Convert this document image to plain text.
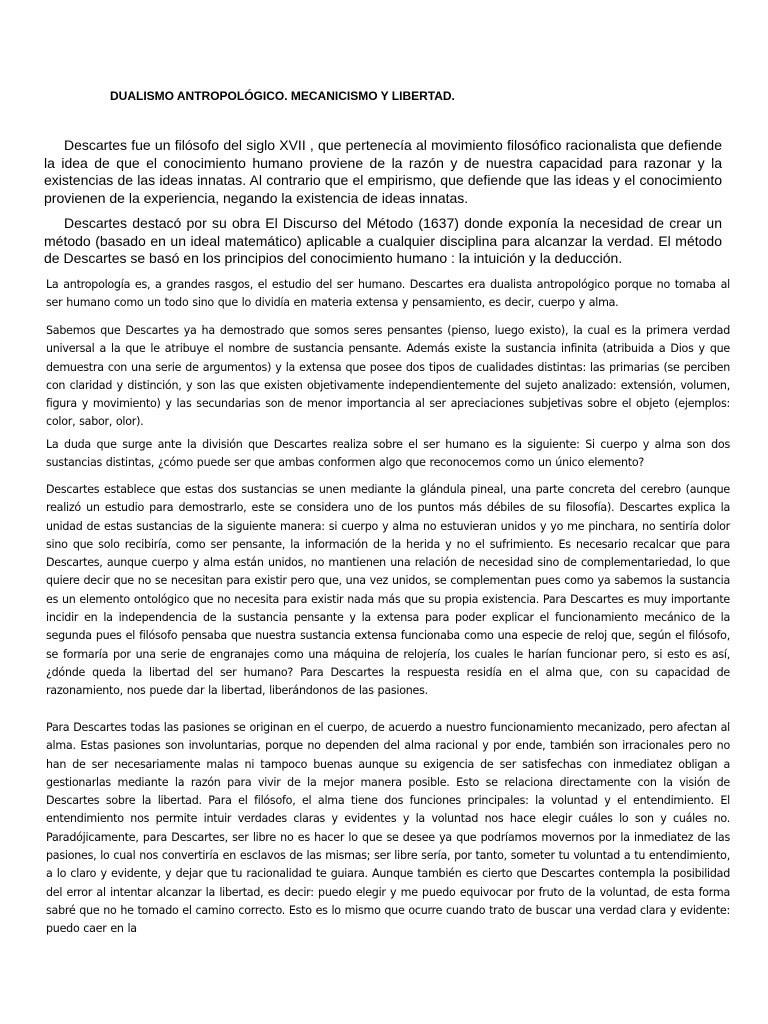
DUALISMO ANTROPOLÓGICO. MECANICISMO Y LIBERTAD.

Descartes fue un filósofo del siglo XVII , que pertenecía al movimiento filosófico racionalista que defiende la idea de que el conocimiento humano proviene de la razón y de nuestra capacidad para razonar y la existencias de las ideas innatas. Al contrario que el empirismo, que defiende que las ideas y el conocimiento provienen de la experiencia, negando la existencia de ideas innatas.

Descartes destacó por su obra El Discurso del Método (1637) donde exponía la necesidad de crear un método (basado en un ideal matemático) aplicable a cualquier disciplina para alcanzar la verdad. El método de Descartes se basó en los principios del conocimiento humano : la intuición y la deducción.

La antropología es, a grandes rasgos, el estudio del ser humano. Descartes era dualista antropológico porque no tomaba al ser humano como un todo sino que lo dividía en materia extensa y pensamiento, es decir, cuerpo y alma.

Sabemos que Descartes ya ha demostrado que somos seres pensantes (pienso, luego existo), la cual es la primera verdad universal a la que le atribuye el nombre de sustancia pensante. Además existe la sustancia infinita (atribuida a Dios y que demuestra con una serie de argumentos) y la extensa que posee dos tipos de cualidades distintas: las primarias (se perciben con claridad y distinción, y son las que existen objetivamente independientemente del sujeto analizado: extensión, volumen, figura y movimiento) y las secundarias son de menor importancia al ser apreciaciones subjetivas sobre el objeto (ejemplos: color, sabor, olor).

La duda que surge ante la división que Descartes realiza sobre el ser humano es la siguiente: Si cuerpo y alma son dos sustancias distintas, ¿cómo puede ser que ambas conformen algo que reconocemos como un único elemento?

Descartes establece que estas dos sustancias se unen mediante la glándula pineal, una parte concreta del cerebro (aunque realizó un estudio para demostrarlo, este se considera uno de los puntos más débiles de su filosofía). Descartes explica la unidad de estas sustancias de la siguiente manera: si cuerpo y alma no estuvieran unidos y yo me pinchara, no sentiría dolor sino que solo recibiría, como ser pensante, la información de la herida y no el sufrimiento. Es necesario recalcar que para Descartes, aunque cuerpo y alma están unidos, no mantienen una relación de necesidad sino de complementariedad, lo que quiere decir que no se necesitan para existir pero que, una vez unidos, se complementan pues como ya sabemos la sustancia es un elemento ontológico que no necesita para existir nada más que su propia existencia. Para Descartes es muy importante incidir en la independencia de la sustancia pensante y la extensa para poder explicar el funcionamiento mecánico de la segunda pues el filósofo pensaba que nuestra sustancia extensa funcionaba como una especie de reloj que, según el filósofo, se formaría por una serie de engranajes como una máquina de relojería, los cuales le harían funcionar pero, si esto es así, ¿dónde queda la libertad del ser humano? Para Descartes la respuesta residía en el alma que, con su capacidad de razonamiento, nos puede dar la libertad, liberándonos de las pasiones.

Para Descartes todas las pasiones se originan en el cuerpo, de acuerdo a nuestro funcionamiento mecanizado, pero afectan al alma. Estas pasiones son involuntarias, porque no dependen del alma racional y por ende, también son irracionales pero no han de ser necesariamente malas ni tampoco buenas aunque su exigencia de ser satisfechas con inmediatez obligan a gestionarlas mediante la razón para vivir de la mejor manera posible. Esto se relaciona directamente con la visión de Descartes sobre la libertad. Para el filósofo, el alma tiene dos funciones principales: la voluntad y el entendimiento. El entendimiento nos permite intuir verdades claras y evidentes y la voluntad nos hace elegir cuáles lo son y cuáles no. Paradójicamente, para Descartes, ser libre no es hacer lo que se desee ya que podríamos movernos por la inmediatez de las pasiones, lo cual nos convertiría en esclavos de las mismas; ser libre sería, por tanto, someter tu voluntad a tu entendimiento, a lo claro y evidente, y dejar que tu racionalidad te guiara. Aunque también es cierto que Descartes contempla la posibilidad del error al intentar alcanzar la libertad, es decir: puedo elegir y me puedo equivocar por fruto de la voluntad, de esta forma sabré que no he tomado el camino correcto. Esto es lo mismo que ocurre cuando trato de buscar una verdad clara y evidente: puedo caer en la
